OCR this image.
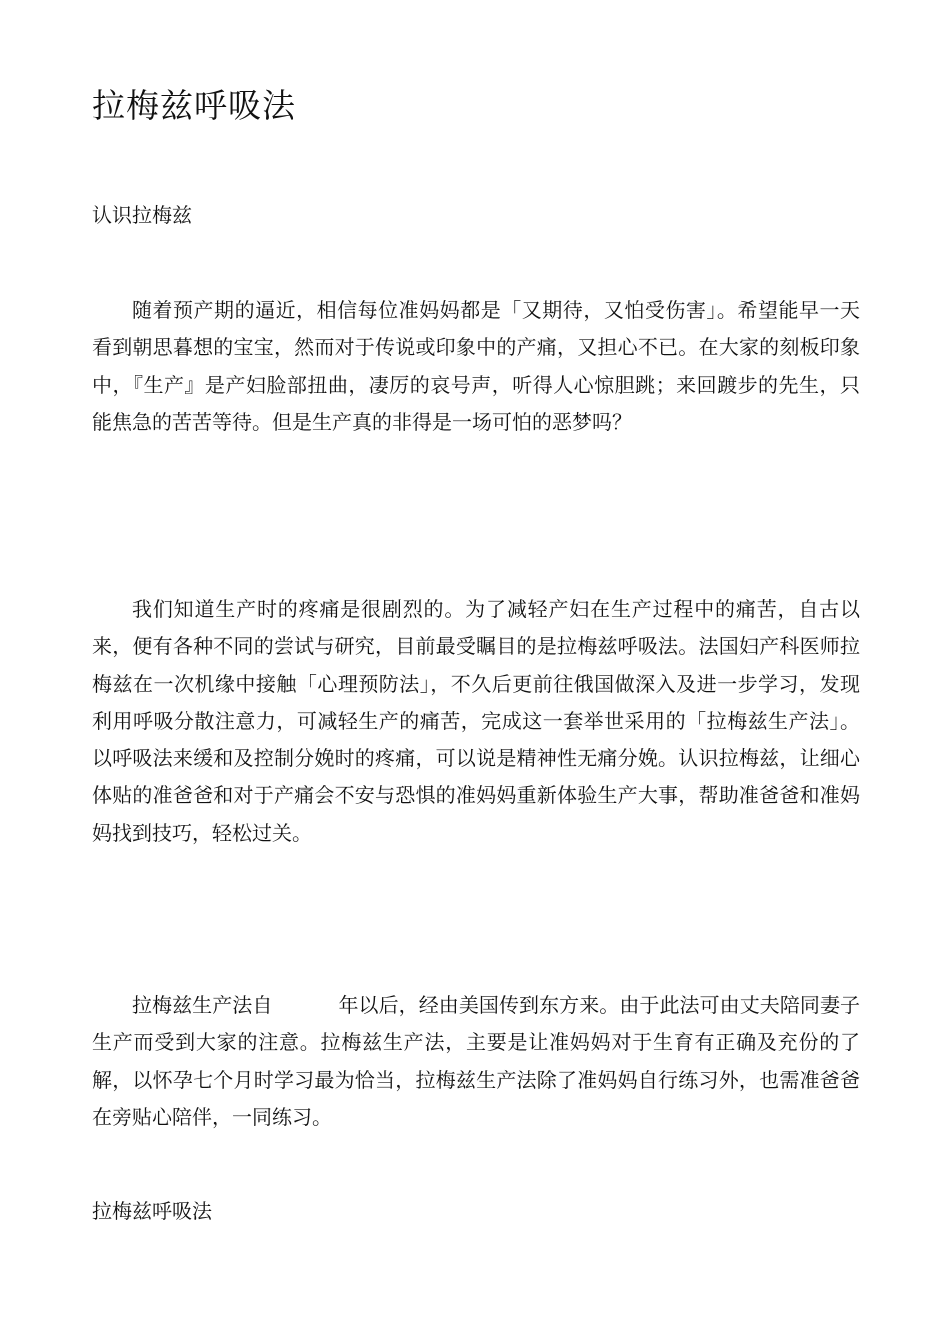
拉梅兹呼吸法
认识拉梅兹

随着预产期的逼近，相信每位准妈妈都是「又期待，又怕受伤害」。希望能早一天看到朝思暮想的宝宝，然而对于传说或印象中的产痛，又担心不已。在大家的刻板印象中，『生产』是产妇脸部扭曲，凄厉的哀号声，听得人心惊胆跳；来回踱步的先生，只能焦急的苦苦等待。但是生产真的非得是一场可怕的恶梦吗？

我们知道生产时的疼痛是很剧烈的。为了减轻产妇在生产过程中的痛苦，自古以来，便有各种不同的尝试与研究，目前最受瞩目的是拉梅兹呼吸法。法国妇产科医师拉梅兹在一次机缘中接触「心理预防法」，不久后更前往俄国做深入及进一步学习，发现利用呼吸分散注意力，可减轻生产的痛苦，完成这一套举世采用的「拉梅兹生产法」。以呼吸法来缓和及控制分娩时的疼痛，可以说是精神性无痛分娩。认识拉梅兹，让细心体贴的准爸爸和对于产痛会不安与恐惧的准妈妈重新体验生产大事，帮助准爸爸和准妈妈找到技巧，轻松过关。

拉梅兹生产法自	年以后，经由美国传到东方来。由于此法可由丈夫陪同妻子生产而受到大家的注意。拉梅兹生产法，主要是让准妈妈对于生育有正确及充份的了解，以怀孕七个月时学习最为恰当，拉梅兹生产法除了准妈妈自行练习外，也需准爸爸在旁贴心陪伴，一同练习。

拉梅兹呼吸法
